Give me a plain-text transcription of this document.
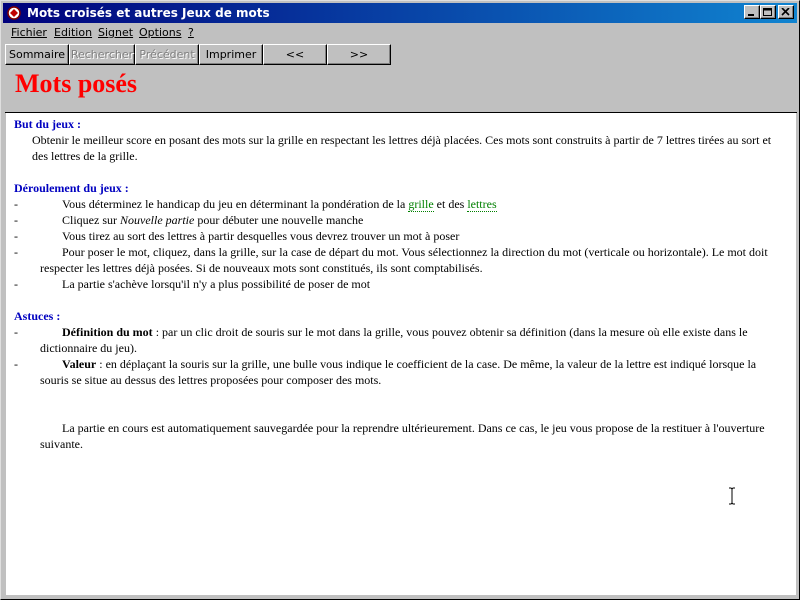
Mots croisés et autres Jeux de mots
Fichier Edition Signet Options ?
Sommaire Rechercher Précédent	Imprimer	<<	>>
Mots posés
But du jeux :
Obtenir le meilleur score en posant des mots sur la grille en respectant les lettres déjà placées. Ces mots sont construits à partir de 7 lettres tirées au sort et des lettres de la grille.
Déroulement du jeux :
-	Vous déterminez le handicap du jeu en déterminant la pondération de la grille et des lettres
-	Cliquez sur Nouvelle partie pour débuter une nouvelle manche
-	Vous tirez au sort des lettres à partir desquelles vous devrez trouver un mot à poser
-	Pour poser le mot, cliquez, dans la grille, sur la case de départ du mot. Vous sélectionnez la direction du mot (verticale ou horizontale). Le mot doit
respecter les lettres déjà posées. Si de nouveaux mots sont constitués, ils sont comptabilisés.
-	La partie s'achève lorsqu'il n'y a plus possibilité de poser de mot
Astuces :
-	Définition du mot : par un clic droit de souris sur le mot dans la grille, vous pouvez obtenir sa définition (dans la mesure où elle existe dans le
dictionnaire du jeu).
-	Valeur : en déplaçant la souris sur la grille, une bulle vous indique le coefficient de la case. De même, la valeur de la lettre est indiqué lorsque la
souris se situe au dessus des lettres proposées pour composer des mots.
La partie en cours est automatiquement sauvegardée pour la reprendre ultérieurement. Dans ce cas, le jeu vous propose de la restituer à l'ouverture
suivante.
